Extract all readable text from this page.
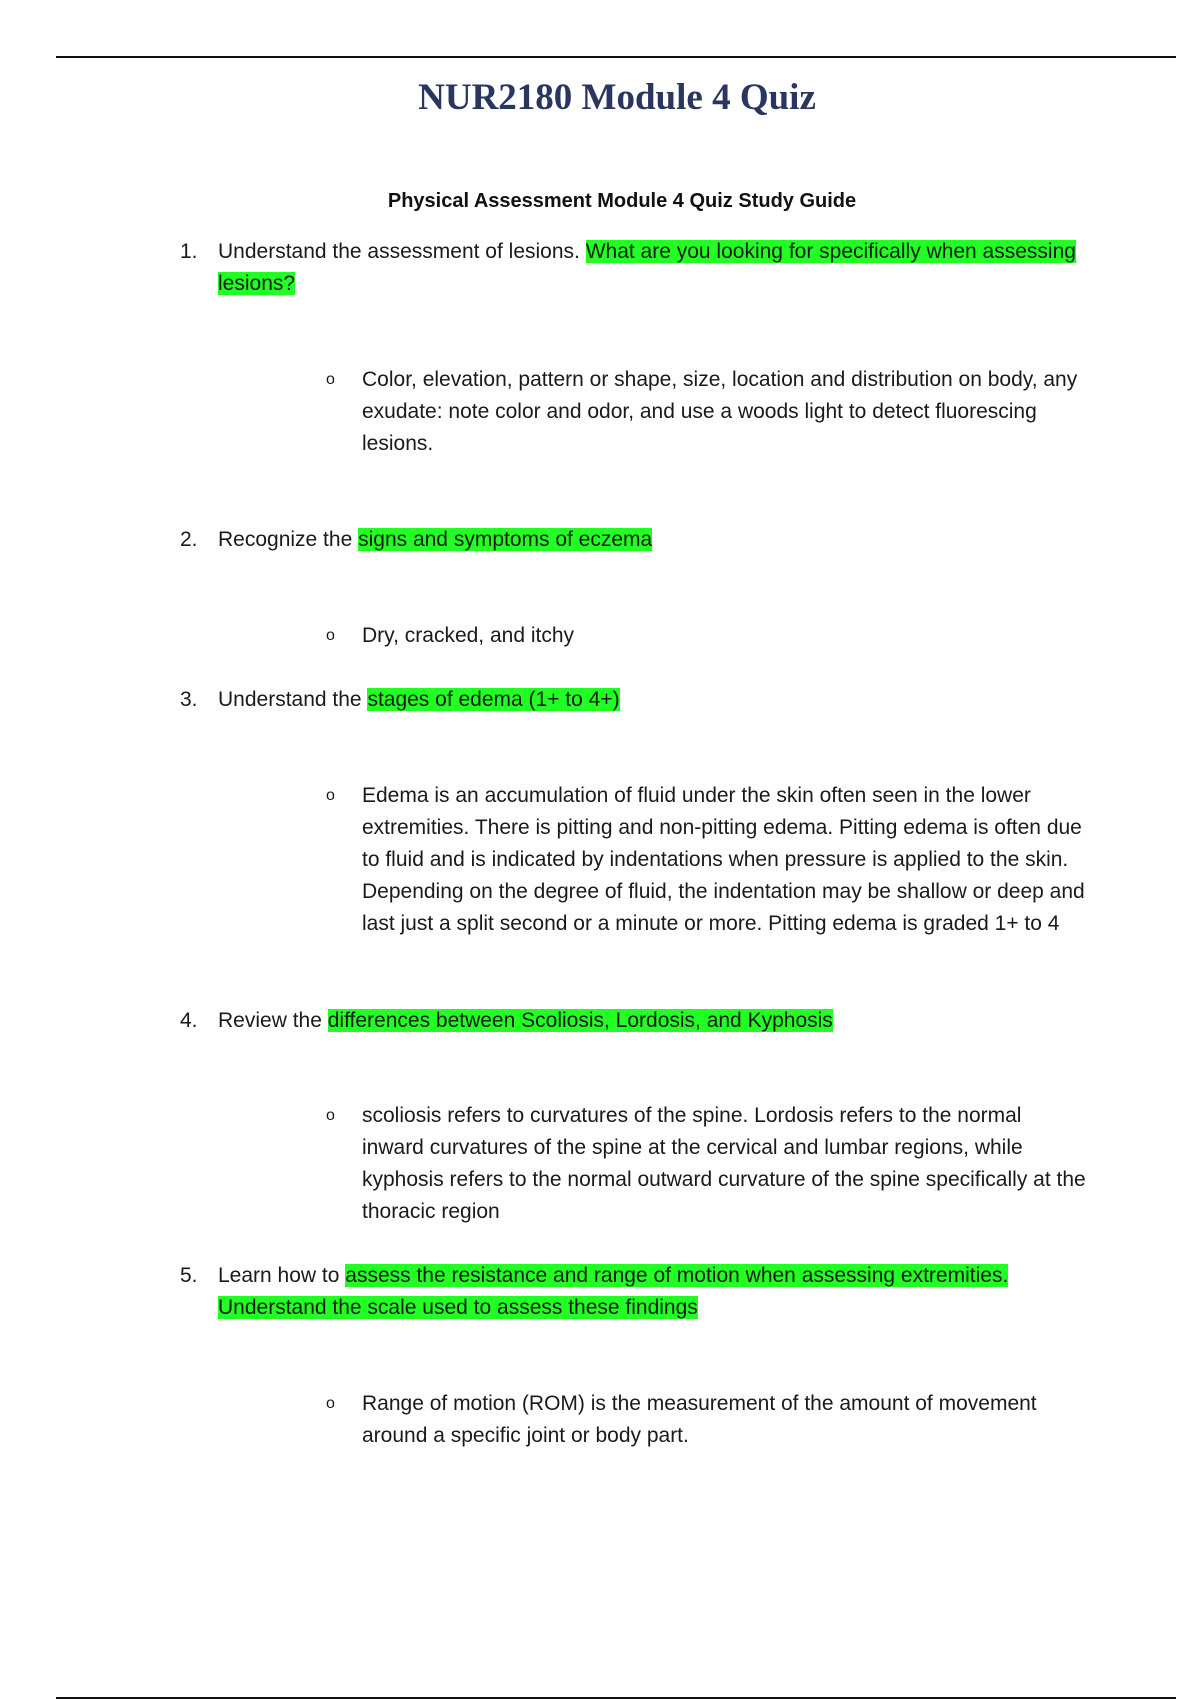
NUR2180 Module 4 Quiz
Physical Assessment Module 4 Quiz Study Guide
1. Understand the assessment of lesions. What are you looking for specifically when assessing lesions?
o Color, elevation, pattern or shape, size, location and distribution on body, any exudate: note color and odor, and use a woods light to detect fluorescing lesions.
2. Recognize the signs and symptoms of eczema
o Dry, cracked, and itchy
3. Understand the stages of edema (1+ to 4+)
o Edema is an accumulation of fluid under the skin often seen in the lower extremities. There is pitting and non-pitting edema. Pitting edema is often due to fluid and is indicated by indentations when pressure is applied to the skin. Depending on the degree of fluid, the indentation may be shallow or deep and last just a split second or a minute or more. Pitting edema is graded 1+ to 4
4. Review the differences between Scoliosis, Lordosis, and Kyphosis
o scoliosis refers to curvatures of the spine. Lordosis refers to the normal inward curvatures of the spine at the cervical and lumbar regions, while kyphosis refers to the normal outward curvature of the spine specifically at the thoracic region
5. Learn how to assess the resistance and range of motion when assessing extremities. Understand the scale used to assess these findings
o Range of motion (ROM) is the measurement of the amount of movement around a specific joint or body part.
